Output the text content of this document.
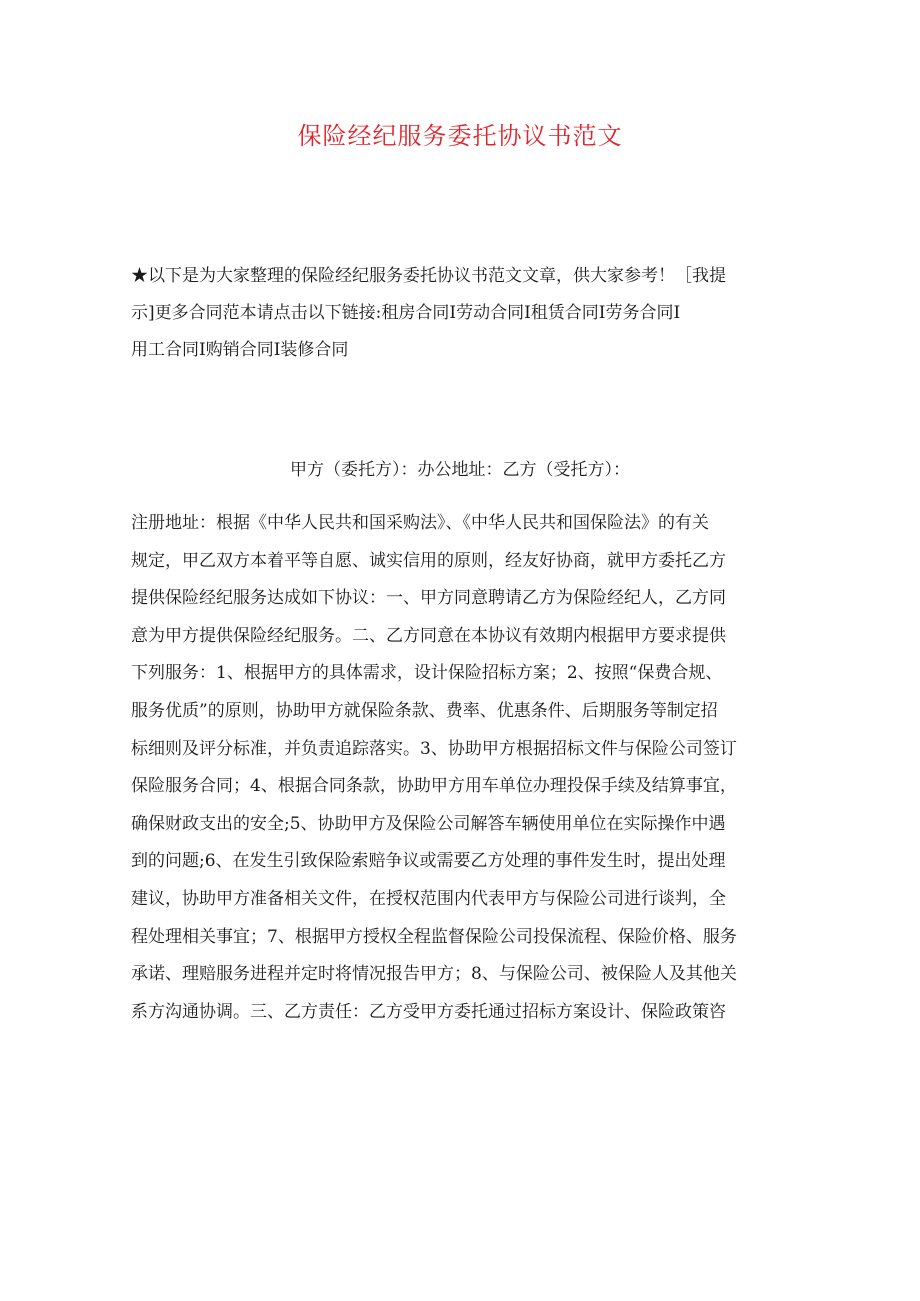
保险经纪服务委托协议书范文

★以下是为大家整理的保险经纪服务委托协议书范文文章，供大家参考！［我提
示]更多合同范本请点击以下链接:租房合同Ⅰ劳动合同Ⅰ租赁合同Ⅰ劳务合同Ⅰ
用工合同Ⅰ购销合同Ⅰ装修合同

甲方（委托方）：办公地址：乙方（受托方）：

注册地址：根据《中华人民共和国采购法》、《中华人民共和国保险法》的有关
规定，甲乙双方本着平等自愿、诚实信用的原则，经友好协商，就甲方委托乙方
提供保险经纪服务达成如下协议：一、甲方同意聘请乙方为保险经纪人，乙方同
意为甲方提供保险经纪服务。二、乙方同意在本协议有效期内根据甲方要求提供
下列服务：1、根据甲方的具体需求，设计保险招标方案；2、按照“保费合规、
服务优质”的原则，协助甲方就保险条款、费率、优惠条件、后期服务等制定招
标细则及评分标准，并负责追踪落实。3、协助甲方根据招标文件与保险公司签订
保险服务合同；4、根据合同条款，协助甲方用车单位办理投保手续及结算事宜，
确保财政支出的安全;5、协助甲方及保险公司解答车辆使用单位在实际操作中遇
到的问题;6、在发生引致保险索赔争议或需要乙方处理的事件发生时，提出处理
建议，协助甲方准备相关文件，在授权范围内代表甲方与保险公司进行谈判，全
程处理相关事宜；7、根据甲方授权全程监督保险公司投保流程、保险价格、服务
承诺、理赔服务进程并定时将情况报告甲方；8、与保险公司、被保险人及其他关
系方沟通协调。三、乙方责任：乙方受甲方委托通过招标方案设计、保险政策咨
